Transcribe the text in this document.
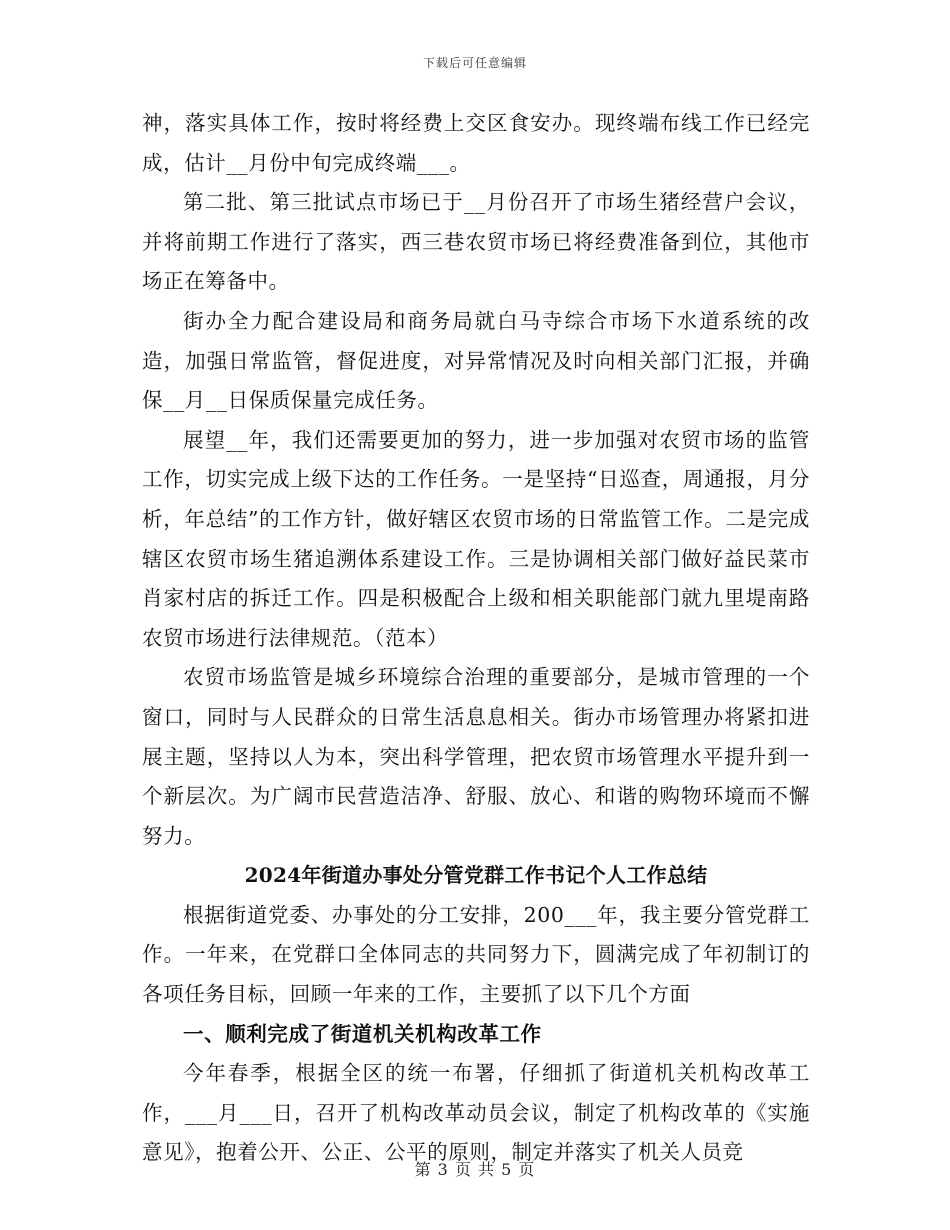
下载后可任意编辑

神，落实具体工作，按时将经费上交区食安办。现终端布线工作已经完成，估计__月份中旬完成终端___。

第二批、第三批试点市场已于__月份召开了市场生猪经营户会议，并将前期工作进行了落实，西三巷农贸市场已将经费准备到位，其他市场正在筹备中。

街办全力配合建设局和商务局就白马寺综合市场下水道系统的改造，加强日常监管，督促进度，对异常情况及时向相关部门汇报，并确保__月__日保质保量完成任务。

展望__年，我们还需要更加的努力，进一步加强对农贸市场的监管工作，切实完成上级下达的工作任务。一是坚持“日巡查，周通报，月分析，年总结”的工作方针，做好辖区农贸市场的日常监管工作。二是完成辖区农贸市场生猪追溯体系建设工作。三是协调相关部门做好益民菜市肖家村店的拆迁工作。四是积极配合上级和相关职能部门就九里堤南路农贸市场进行法律规范。（范本）

农贸市场监管是城乡环境综合治理的重要部分，是城市管理的一个窗口，同时与人民群众的日常生活息息相关。街办市场管理办将紧扣进展主题，坚持以人为本，突出科学管理，把农贸市场管理水平提升到一个新层次。为广阔市民营造洁净、舒服、放心、和谐的购物环境而不懈努力。

2024年街道办事处分管党群工作书记个人工作总结

根据街道党委、办事处的分工安排，200___年，我主要分管党群工作。一年来，在党群口全体同志的共同努力下，圆满完成了年初制订的各项任务目标，回顾一年来的工作，主要抓了以下几个方面

一、顺利完成了街道机关机构改革工作

今年春季，根据全区的统一布署，仔细抓了街道机关机构改革工作，___月___日，召开了机构改革动员会议，制定了机构改革的《实施意见》，抱着公开、公正、公平的原则，制定并落实了机关人员竞

第 3 页 共 5 页
